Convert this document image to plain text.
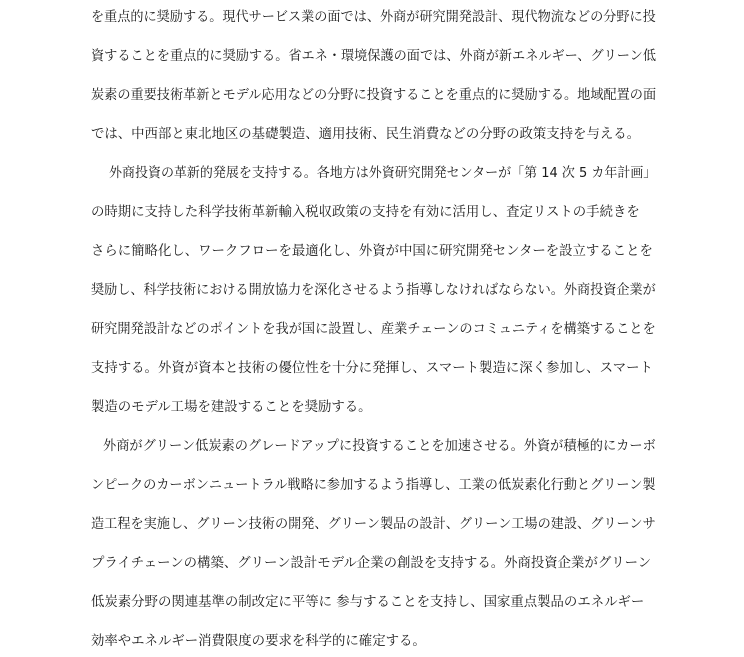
を重点的に奨励する。現代サービス業の面では、外商が研究開発設計、現代物流などの分野に投
資することを重点的に奨励する。省エネ・環境保護の面では、外商が新エネルギー、グリーン低
炭素の重要技術革新とモデル応用などの分野に投資することを重点的に奨励する。地域配置の面
では、中西部と東北地区の基礎製造、適用技術、民生消費などの分野の政策支持を与える。
外商投資の革新的発展を支持する。各地方は外資研究開発センターが「第 14 次 5 カ年計画」
の時期に支持した科学技術革新輸入税収政策の支持を有効に活用し、査定リストの手続きを
さらに簡略化し、ワークフローを最適化し、外資が中国に研究開発センターを設立することを
奨励し、科学技術における開放協力を深化させるよう指導しなければならない。外商投資企業が
研究開発設計などのポイントを我が国に設置し、産業チェーンのコミュニティを構築することを
支持する。外資が資本と技術の優位性を十分に発揮し、スマート製造に深く参加し、スマート
製造のモデル工場を建設することを奨励する。
外商がグリーン低炭素のグレードアップに投資することを加速させる。外資が積極的にカーボ
ンピークのカーボンニュートラル戦略に参加するよう指導し、工業の低炭素化行動とグリーン製
造工程を実施し、グリーン技術の開発、グリーン製品の設計、グリーン工場の建設、グリーンサ
プライチェーンの構築、グリーン設計モデル企業の創設を支持する。外商投資企業がグリーン
低炭素分野の関連基準の制改定に平等に 参与することを支持し、国家重点製品のエネルギー
効率やエネルギー消費限度の要求を科学的に確定する。
